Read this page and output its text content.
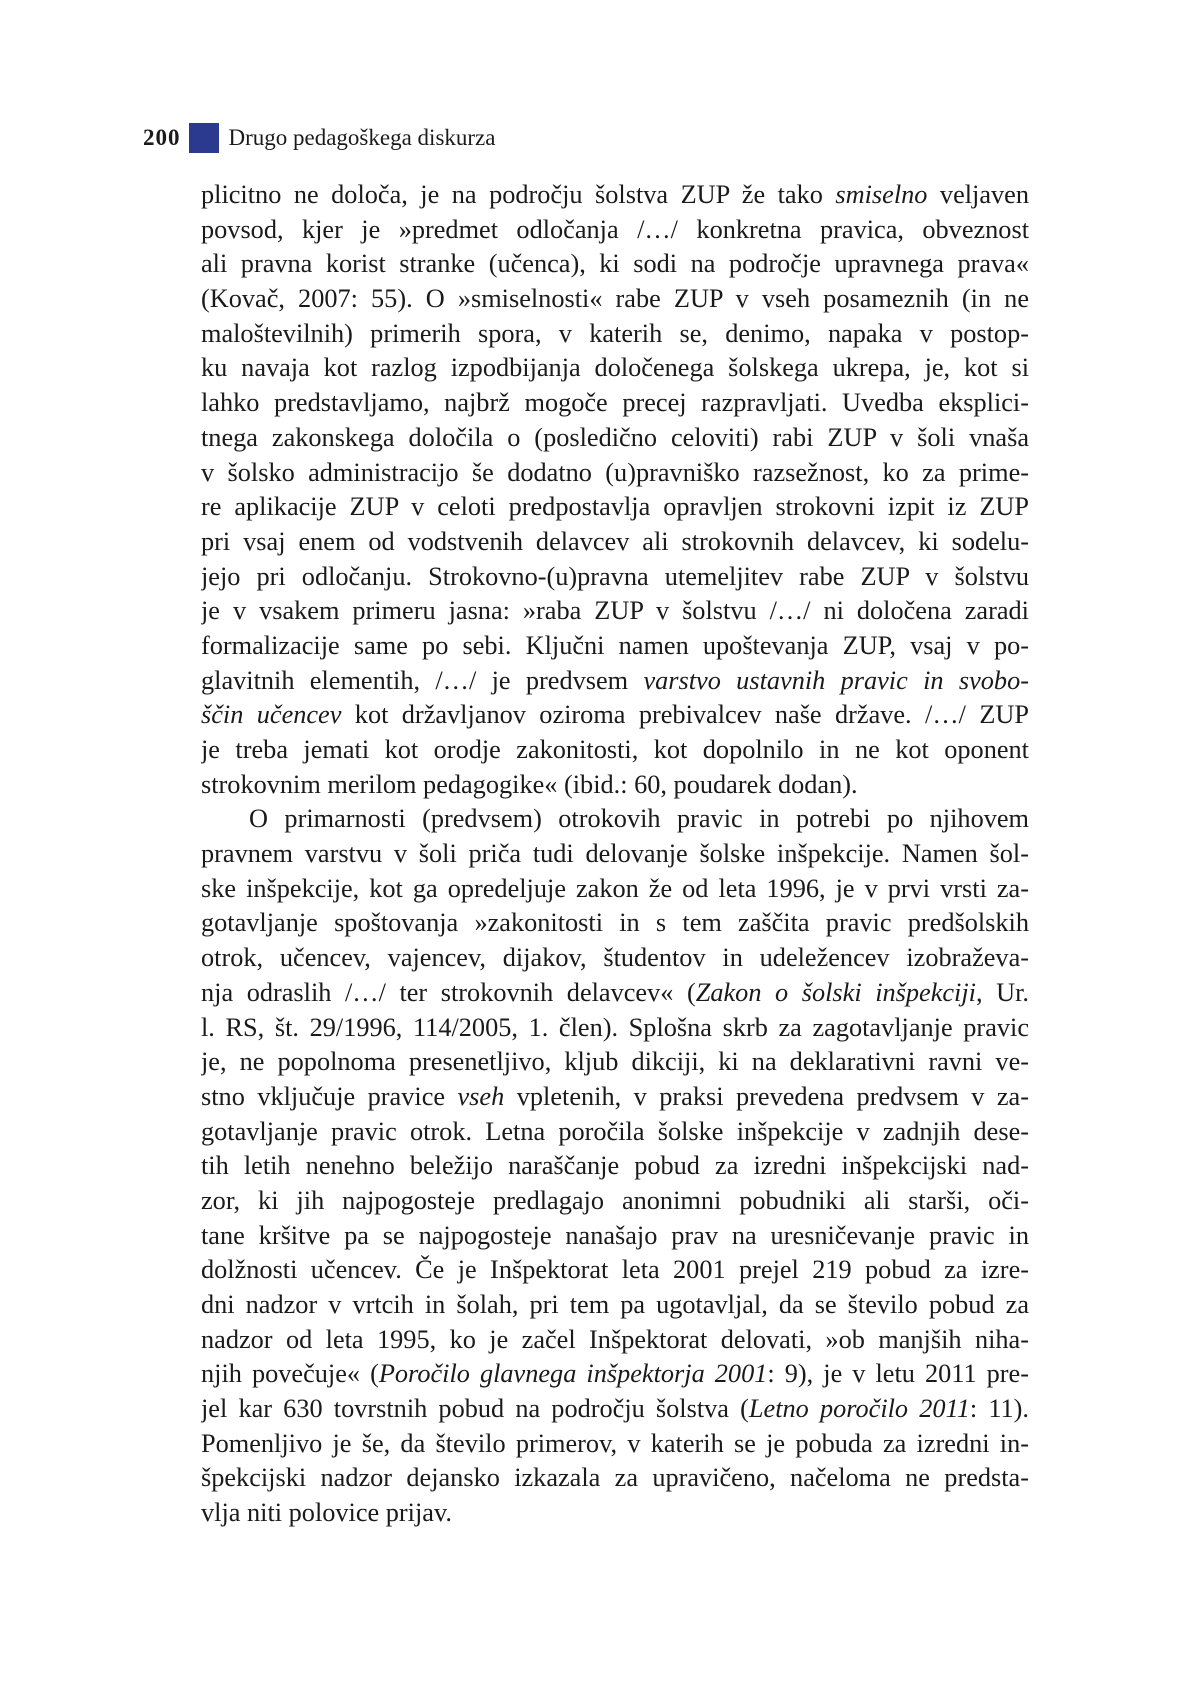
200 Drugo pedagoškega diskurza
plicitno ne določa, je na področju šolstva ZUP že tako smiselno veljaven
povsod, kjer je »predmet odločanja /…/ konkretna pravica, obveznost
ali pravna korist stranke (učenca), ki sodi na področje upravnega prava«
(Kovač, 2007: 55). O »smiselnosti« rabe ZUP v vseh posameznih (in ne
maloštevilnih) primerih spora, v katerih se, denimo, napaka v postop-
ku navaja kot razlog izpodbijanja določenega šolskega ukrepa, je, kot si
lahko predstavljamo, najbrž mogoče precej razpravljati. Uvedba eksplici-
tnega zakonskega določila o (posledično celoviti) rabi ZUP v šoli vnaša
v šolsko administracijo še dodatno (u)pravniško razsežnost, ko za prime-
re aplikacije ZUP v celoti predpostavlja opravljen strokovni izpit iz ZUP
pri vsaj enem od vodstvenih delavcev ali strokovnih delavcev, ki sodelu-
jejo pri odločanju. Strokovno-(u)pravna utemeljitev rabe ZUP v šolstvu
je v vsakem primeru jasna: »raba ZUP v šolstvu /…/ ni določena zaradi
formalizacije same po sebi. Ključni namen upoštevanja ZUP, vsaj v po-
glavitnih elementih, /…/ je predvsem varstvo ustavnih pravic in svobo-
ščin učencev kot državljanov oziroma prebivalcev naše države. /…/ ZUP
je treba jemati kot orodje zakonitosti, kot dopolnilo in ne kot oponent
strokovnim merilom pedagogike« (ibid.: 60, poudarek dodan).
O primarnosti (predvsem) otrokovih pravic in potrebi po njihovem
pravnem varstvu v šoli priča tudi delovanje šolske inšpekcije. Namen šol-
ske inšpekcije, kot ga opredeljuje zakon že od leta 1996, je v prvi vrsti za-
gotavljanje spoštovanja »zakonitosti in s tem zaščita pravic predšolskih
otrok, učencev, vajencev, dijakov, študentov in udeležencev izobraževa-
nja odraslih /…/ ter strokovnih delavcev« (Zakon o šolski inšpekciji, Ur.
l. RS, št. 29/1996, 114/2005, 1. člen). Splošna skrb za zagotavljanje pravic
je, ne popolnoma presenetljivo, kljub dikciji, ki na deklarativni ravni ve-
stno vključuje pravice vseh vpletenih, v praksi prevedena predvsem v za-
gotavljanje pravic otrok. Letna poročila šolske inšpekcije v zadnjih dese-
tih letih nenehno beležijo naraščanje pobud za izredni inšpekcijski nad-
zor, ki jih najpogosteje predlagajo anonimni pobudniki ali starši, oči-
tane kršitve pa se najpogosteje nanašajo prav na uresničevanje pravic in
dolžnosti učencev. Če je Inšpektorat leta 2001 prejel 219 pobud za izre-
dni nadzor v vrtcih in šolah, pri tem pa ugotavljal, da se število pobud za
nadzor od leta 1995, ko je začel Inšpektorat delovati, »ob manjših niha-
njih povečuje« (Poročilo glavnega inšpektorja 2001: 9), je v letu 2011 pre-
jel kar 630 tovrstnih pobud na področju šolstva (Letno poročilo 2011: 11).
Pomenljivo je še, da število primerov, v katerih se je pobuda za izredni in-
špekcijski nadzor dejansko izkazala za upravičeno, načeloma ne predsta-
vlja niti polovice prijav.
